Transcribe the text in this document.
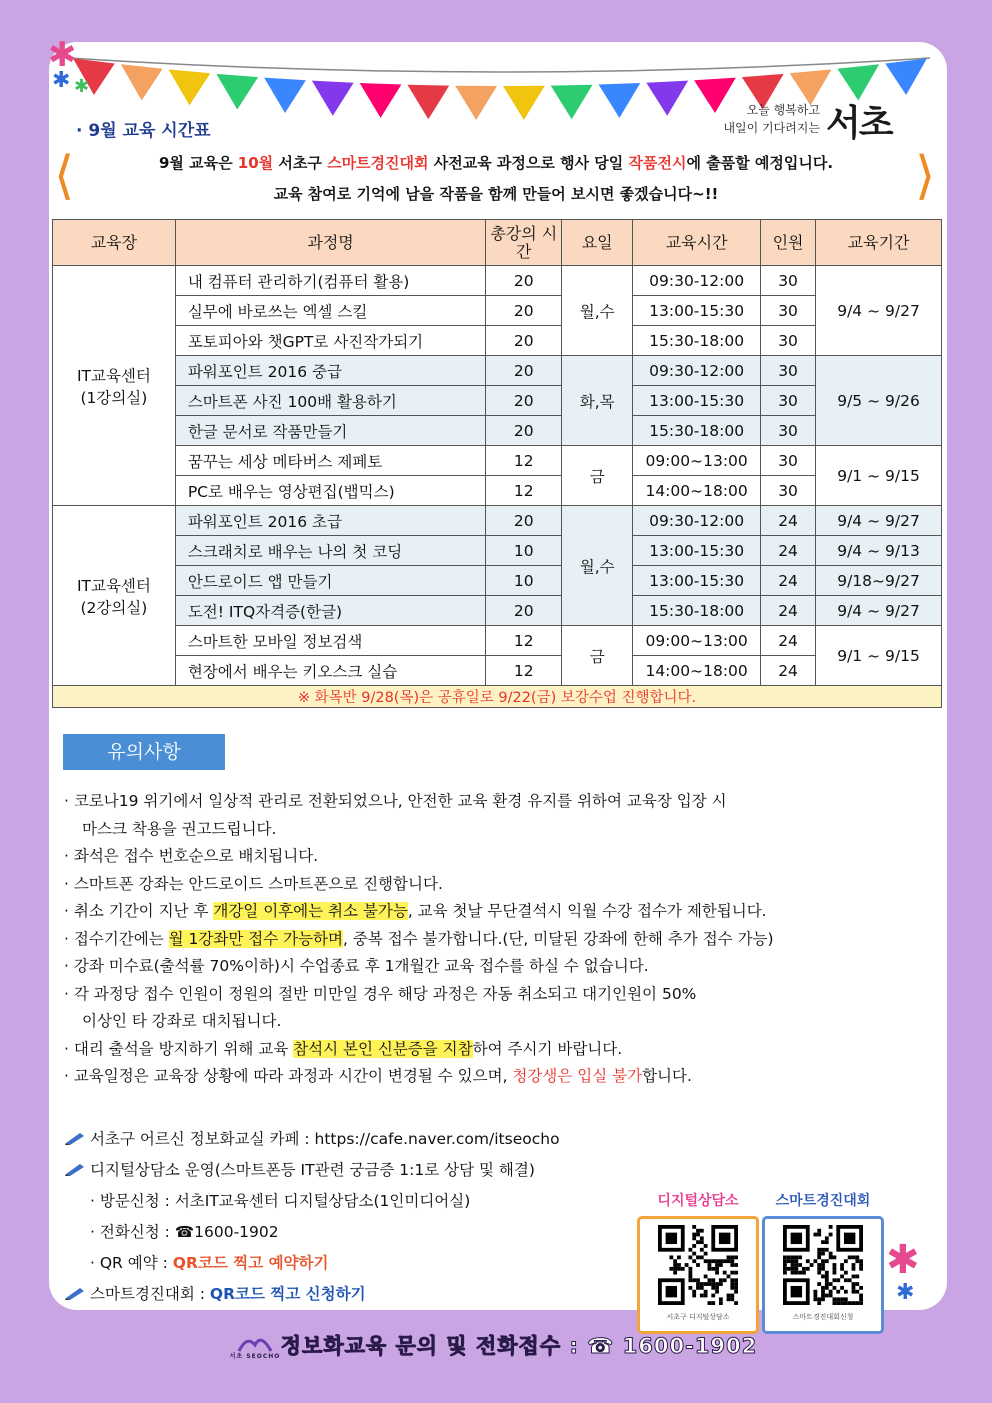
✱
✱ ✱
✱
✱
· 9월 교육 시간표
오늘 행복하고
내일이 기다려지는 서초
⟨	⟩
9월 교육은 10월 서초구 스마트경진대회 사전교육 과정으로 행사 당일 작품전시에 출품할 예정입니다.
교육 참여로 기억에 남을 작품을 함께 만들어 보시면 좋겠습니다~!!
교육장	과정명	총강의 시간	요일	교육시간	인원	교육기간
IT교육센터
(1강의실)	내 컴퓨터 관리하기(컴퓨터 활용)	20	월,수	09:30-12:00	30	9/4 ~ 9/27
	실무에 바로쓰는 엑셀 스킬	20		13:00-15:30	30	
	포토피아와 챗GPT로 사진작가되기	20		15:30-18:00	30	
	파워포인트 2016 중급	20	화,목	09:30-12:00	30	9/5 ~ 9/26
	스마트폰 사진 100배 활용하기	20		13:00-15:30	30	
	한글 문서로 작품만들기	20		15:30-18:00	30	
	꿈꾸는 세상 메타버스 제페토	12	금	09:00~13:00	30	9/1 ~ 9/15
	PC로 배우는 영상편집(뱁믹스)	12		14:00~18:00	30	
IT교육센터
(2강의실)	파워포인트 2016 초급	20	월,수	09:30-12:00	24	9/4 ~ 9/27
	스크래치로 배우는 나의 첫 코딩	10		13:00-15:30	24	9/4 ~ 9/13
	안드로이드 앱 만들기	10		13:00-15:30	24	9/18~9/27
	도전! ITQ자격증(한글)	20		15:30-18:00	24	9/4 ~ 9/27
	스마트한 모바일 정보검색	12	금	09:00~13:00	24	9/1 ~ 9/15
	현장에서 배우는 키오스크 실습	12		14:00~18:00	24	
※ 화목반 9/28(목)은 공휴일로 9/22(금) 보강수업 진행합니다.						
유의사항
· 코로나19 위기에서 일상적 관리로 전환되었으나, 안전한 교육 환경 유지를 위하여 교육장 입장 시
마스크 착용을 권고드립니다.
· 좌석은 접수 번호순으로 배치됩니다.
· 스마트폰 강좌는 안드로이드 스마트폰으로 진행합니다.
· 취소 기간이 지난 후 개강일 이후에는 취소 불가능, 교육 첫날 무단결석시 익월 수강 접수가 제한됩니다.
· 접수기간에는 월 1강좌만 접수 가능하며, 중복 접수 불가합니다.(단, 미달된 강좌에 한해 추가 접수 가능)
· 강좌 미수료(출석률 70%이하)시 수업종료 후 1개월간 교육 접수를 하실 수 없습니다.
· 각 과정당 접수 인원이 정원의 절반 미만일 경우 해당 과정은 자동 취소되고 대기인원이 50%
이상인 타 강좌로 대치됩니다.
· 대리 출석을 방지하기 위해 교육 참석시 본인 신분증을 지참하여 주시기 바랍니다.
· 교육일정은 교육장 상황에 따라 과정과 시간이 변경될 수 있으며, 청강생은 입실 불가합니다.
서초구 어르신 정보화교실 카페 : https://cafe.naver.com/itseocho
디지털상담소 운영(스마트폰등 IT관련 궁금증 1:1로 상담 및 해결)
· 방문신청 : 서초IT교육센터 디지털상담소(1인미디어실)
· 전화신청 : ☎1600-1902
· QR 예약 : QR코드 찍고 예약하기
스마트경진대회 : QR코드 찍고 신청하기
디지털상담소
서초구 디지털상담소
스마트경진대회
스마트경진대회신청
서초 SEOCHO 정보화교육 문의 및 전화접수 : ☎ 1600-1902
